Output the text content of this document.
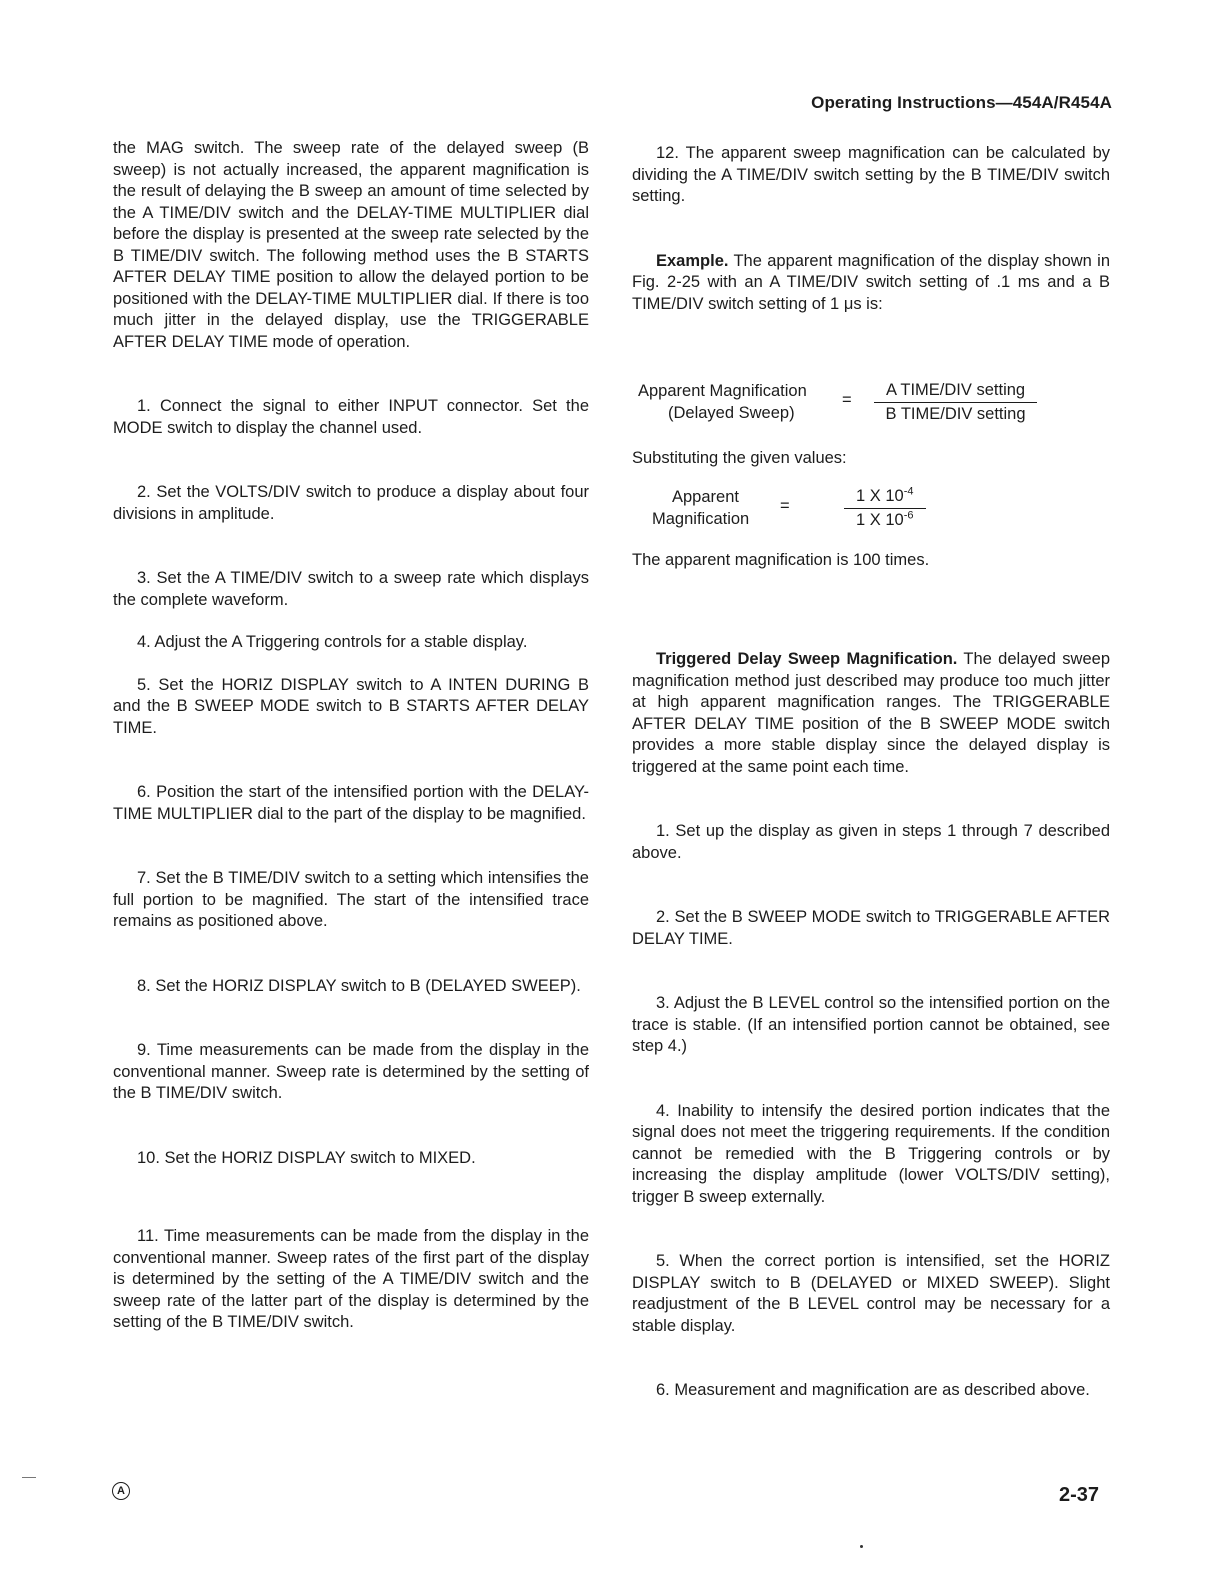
Operating Instructions—454A/R454A

the MAG switch. The sweep rate of the delayed sweep (B sweep) is not actually increased, the apparent magnification is the result of delaying the B sweep an amount of time selected by the A TIME/DIV switch and the DELAY-TIME MULTIPLIER dial before the display is presented at the sweep rate selected by the B TIME/DIV switch. The following method uses the B STARTS AFTER DELAY TIME position to allow the delayed portion to be positioned with the DELAY-TIME MULTIPLIER dial. If there is too much jitter in the delayed display, use the TRIGGERABLE AFTER DELAY TIME mode of operation.

1. Connect the signal to either INPUT connector. Set the MODE switch to display the channel used.

2. Set the VOLTS/DIV switch to produce a display about four divisions in amplitude.

3. Set the A TIME/DIV switch to a sweep rate which displays the complete waveform.

4. Adjust the A Triggering controls for a stable display.

5. Set the HORIZ DISPLAY switch to A INTEN DURING B and the B SWEEP MODE switch to B STARTS AFTER DELAY TIME.

6. Position the start of the intensified portion with the DELAY-TIME MULTIPLIER dial to the part of the display to be magnified.

7. Set the B TIME/DIV switch to a setting which intensifies the full portion to be magnified. The start of the intensified trace remains as positioned above.

8. Set the HORIZ DISPLAY switch to B (DELAYED SWEEP).

9. Time measurements can be made from the display in the conventional manner. Sweep rate is determined by the setting of the B TIME/DIV switch.

10. Set the HORIZ DISPLAY switch to MIXED.

11. Time measurements can be made from the display in the conventional manner. Sweep rates of the first part of the display is determined by the setting of the A TIME/DIV switch and the sweep rate of the latter part of the display is determined by the setting of the B TIME/DIV switch.

12. The apparent sweep magnification can be calculated by dividing the A TIME/DIV switch setting by the B TIME/DIV switch setting.

Example. The apparent magnification of the display shown in Fig. 2-25 with an A TIME/DIV switch setting of .1 ms and a B TIME/DIV switch setting of 1 μs is:

Apparent Magnification
(Delayed Sweep)
=
A TIME/DIV setting
B TIME/DIV setting

Substituting the given values:

Apparent
Magnification
=	$\frac{1 X 10^{-4}}{1 X 10^{-6}}$

The apparent magnification is 100 times.

Triggered Delay Sweep Magnification. The delayed sweep magnification method just described may produce too much jitter at high apparent magnification ranges. The TRIGGERABLE AFTER DELAY TIME position of the B SWEEP MODE switch provides a more stable display since the delayed display is triggered at the same point each time.

1. Set up the display as given in steps 1 through 7 described above.

2. Set the B SWEEP MODE switch to TRIGGERABLE AFTER DELAY TIME.

3. Adjust the B LEVEL control so the intensified portion on the trace is stable. (If an intensified portion cannot be obtained, see step 4.)

4. Inability to intensify the desired portion indicates that the signal does not meet the triggering requirements. If the condition cannot be remedied with the B Triggering controls or by increasing the display amplitude (lower VOLTS/DIV setting), trigger B sweep externally.

5. When the correct portion is intensified, set the HORIZ DISPLAY switch to B (DELAYED or MIXED SWEEP). Slight readjustment of the B LEVEL control may be necessary for a stable display.

6. Measurement and magnification are as described above.

A	2-37
